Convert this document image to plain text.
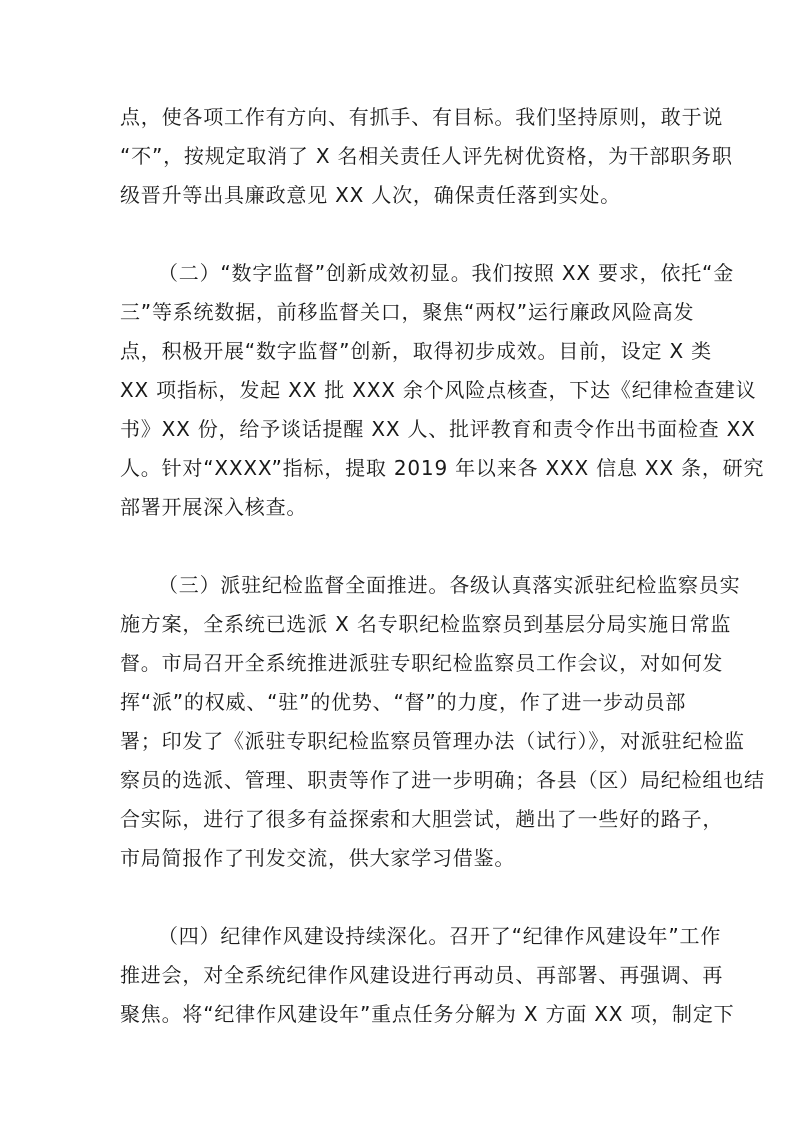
点，使各项工作有方向、有抓手、有目标。我们坚持原则，敢于说
“不”，按规定取消了 X 名相关责任人评先树优资格，为干部职务职
级晋升等出具廉政意见 XX 人次，确保责任落到实处。
（二）“数字监督”创新成效初显。我们按照 XX 要求，依托“金
三”等系统数据，前移监督关口，聚焦“两权”运行廉政风险高发
点，积极开展“数字监督”创新，取得初步成效。目前，设定 X 类
XX 项指标，发起 XX 批 XXX 余个风险点核查，下达《纪律检查建议
书》XX 份，给予谈话提醒 XX 人、批评教育和责令作出书面检查 XX
人。针对“XXXX”指标，提取 2019 年以来各 XXX 信息 XX 条，研究
部署开展深入核查。
（三）派驻纪检监督全面推进。各级认真落实派驻纪检监察员实
施方案，全系统已选派 X 名专职纪检监察员到基层分局实施日常监
督。市局召开全系统推进派驻专职纪检监察员工作会议，对如何发
挥“派”的权威、“驻”的优势、“督”的力度，作了进一步动员部
署；印发了《派驻专职纪检监察员管理办法（试行）》，对派驻纪检监
察员的选派、管理、职责等作了进一步明确；各县（区）局纪检组也结
合实际，进行了很多有益探索和大胆尝试，趟出了一些好的路子，
市局简报作了刊发交流，供大家学习借鉴。
（四）纪律作风建设持续深化。召开了“纪律作风建设年”工作
推进会，对全系统纪律作风建设进行再动员、再部署、再强调、再
聚焦。将“纪律作风建设年”重点任务分解为 X 方面 XX 项，制定下
